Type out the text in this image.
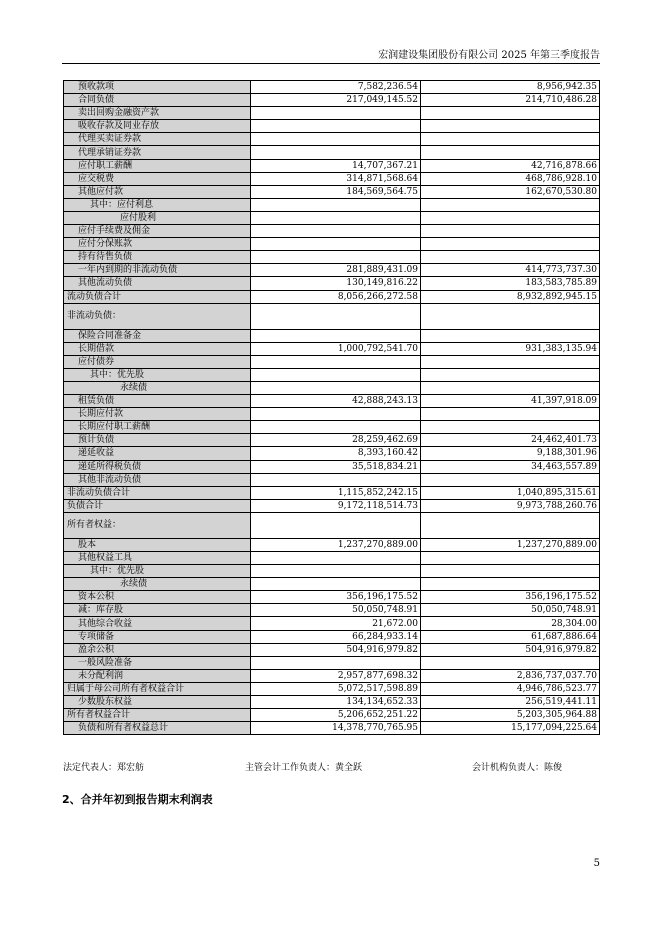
宏润建设集团股份有限公司 2025 年第三季度报告
预收款项	7,582,236.54	8,956,942.35
合同负债	217,049,145.52	214,710,486.28
卖出回购金融资产款		
吸收存款及同业存放		
代理买卖证券款		
代理承销证券款		
应付职工薪酬	14,707,367.21	42,716,878.66
应交税费	314,871,568.64	468,786,928.10
其他应付款	184,569,564.75	162,670,530.80
其中：应付利息		
应付股利		
应付手续费及佣金		
应付分保账款		
持有待售负债		
一年内到期的非流动负债	281,889,431.09	414,773,737.30
其他流动负债	130,149,816.22	183,583,785.89
流动负债合计	8,056,266,272.58	8,932,892,945.15
非流动负债：		
保险合同准备金		
长期借款	1,000,792,541.70	931,383,135.94
应付债券		
其中：优先股		
永续债		
租赁负债	42,888,243.13	41,397,918.09
长期应付款		
长期应付职工薪酬		
预计负债	28,259,462.69	24,462,401.73
递延收益	8,393,160.42	9,188,301.96
递延所得税负债	35,518,834.21	34,463,557.89
其他非流动负债		
非流动负债合计	1,115,852,242.15	1,040,895,315.61
负债合计	9,172,118,514.73	9,973,788,260.76
所有者权益：		
股本	1,237,270,889.00	1,237,270,889.00
其他权益工具		
其中：优先股		
永续债		
资本公积	356,196,175.52	356,196,175.52
减：库存股	50,050,748.91	50,050,748.91
其他综合收益	21,672.00	28,304.00
专项储备	66,284,933.14	61,687,886.64
盈余公积	504,916,979.82	504,916,979.82
一般风险准备		
未分配利润	2,957,877,698.32	2,836,737,037.70
归属于母公司所有者权益合计	5,072,517,598.89	4,946,786,523.77
少数股东权益	134,134,652.33	256,519,441.11
所有者权益合计	5,206,652,251.22	5,203,305,964.88
负债和所有者权益总计	14,378,770,765.95	15,177,094,225.64
法定代表人：郑宏舫	主管会计工作负责人：黄全跃	会计机构负责人：陈俊
2、合并年初到报告期末利润表
5
